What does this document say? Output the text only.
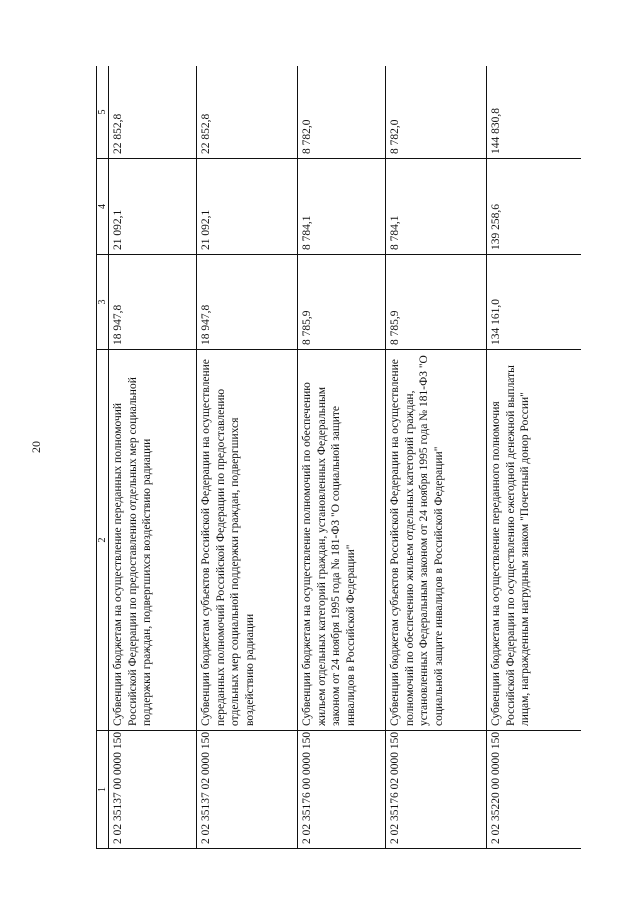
20
1	2	3	4	5
2 02 35137 00 0000 150	Субвенции бюджетам на осуществление переданных полномочий Российской Федерации по предоставлению отдельных мер социальной поддержки граждан, подвергшихся воздействию радиации	18 947,8	21 092,1	22 852,8
2 02 35137 02 0000 150	Субвенции бюджетам субъектов Российской Федерации на осуществление переданных полномочий Российской Федерации по предоставлению отдельных мер социальной поддержки граждан, подвергшихся воздействию радиации	18 947,8	21 092,1	22 852,8
2 02 35176 00 0000 150	Субвенции бюджетам на осуществление полномочий по обеспечению жильем отдельных категорий граждан, установленных Федеральным законом от 24 ноября 1995 года № 181-ФЗ "О социальной защите инвалидов в Российской Федерации"	8 785,9	8 784,1	8 782,0
2 02 35176 02 0000 150	Субвенции бюджетам субъектов Российской Федерации на осуществление полномочий по обеспечению жильем отдельных категорий граждан, установленных Федеральным законом от 24 ноября 1995 года № 181-ФЗ "О социальной защите инвалидов в Российской Федерации"	8 785,9	8 784,1	8 782,0
2 02 35220 00 0000 150	Субвенции бюджетам на осуществление переданного полномочия Российской Федерации по осуществлению ежегодной денежной выплаты лицам, награжденным нагрудным знаком "Почетный донор России"	134 161,0	139 258,6	144 830,8
